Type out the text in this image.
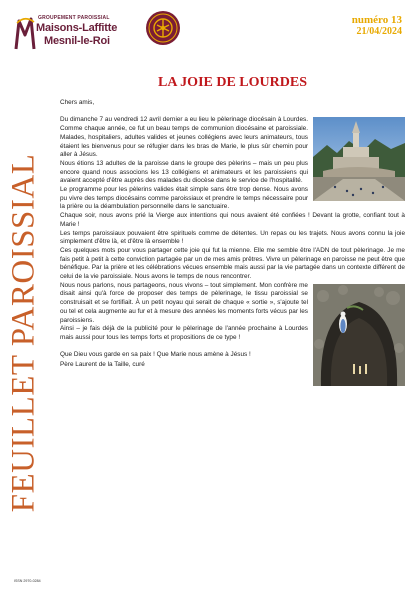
GROUPEMENT PAROISSIAL
Maisons-Laffitte
Mesnil-le-Roi
numéro 13
21/04/2024
FEUILLET PAROISSIAL
ISSN 2970-0284
LA JOIE DE LOURDES

Chers amis,

Du dimanche 7 au vendredi 12 avril dernier a eu lieu le pèlerinage diocésain à Lourdes. Comme chaque année, ce fut un beau temps de communion diocésaine et paroissiale. Malades, hospitaliers, adultes valides et jeunes collégiens avec leurs animateurs, tous étaient les bienvenus pour se réfugier dans les bras de Marie, le plus sûr chemin pour aller à Jésus.

Nous étions 13 adultes de la paroisse dans le groupe des pèlerins – mais un peu plus encore quand nous associons les 13 collégiens et animateurs et les paroissiens qui avaient accepté d'être auprès des malades du diocèse dans le service de l'hospitalité.

Le programme pour les pèlerins valides était simple sans être trop dense. Nous avons pu vivre des temps diocésains comme paroissiaux et prendre le temps nécessaire pour la prière ou la déambulation personnelle dans le sanctuaire.

Chaque soir, nous avons prié la Vierge aux intentions qui nous avaient été confiées ! Devant la grotte, confiant tout à Marie !

Les temps paroissiaux pouvaient être spirituels comme de détentes. Un repas ou les trajets. Nous avons connu la joie simplement d'être là, et d'être là ensemble !

Ces quelques mots pour vous partager cette joie qui fut la mienne. Elle me semble être l'ADN de tout pèlerinage. Je me fais petit à petit à cette conviction partagée par un de mes amis prêtres. Vivre un pèlerinage en paroisse ne peut être que bénéfique. Par la prière et les célébrations vécues ensemble mais aussi par la vie partagée dans un contexte différent de celui de la vie paroissiale. Nous avons le temps de nous rencontrer.

Nous nous parlons, nous partageons, nous vivons – tout simplement. Mon confrère me disait ainsi qu'à force de proposer des temps de pèlerinage, le tissu paroissial se construisait et se fortifiait. À un petit noyau qui serait de chaque « sortie », s'ajoute tel ou tel et cela augmente au fur et à mesure des années les moments forts vécus par les paroissiens.

Ainsi – je fais déjà de la publicité pour le pèlerinage de l'année prochaine à Lourdes mais aussi pour tous les temps forts et propositions de ce type !

Que Dieu vous garde en sa paix ! Que Marie nous amène à Jésus !

Père Laurent de la Taille, curé
